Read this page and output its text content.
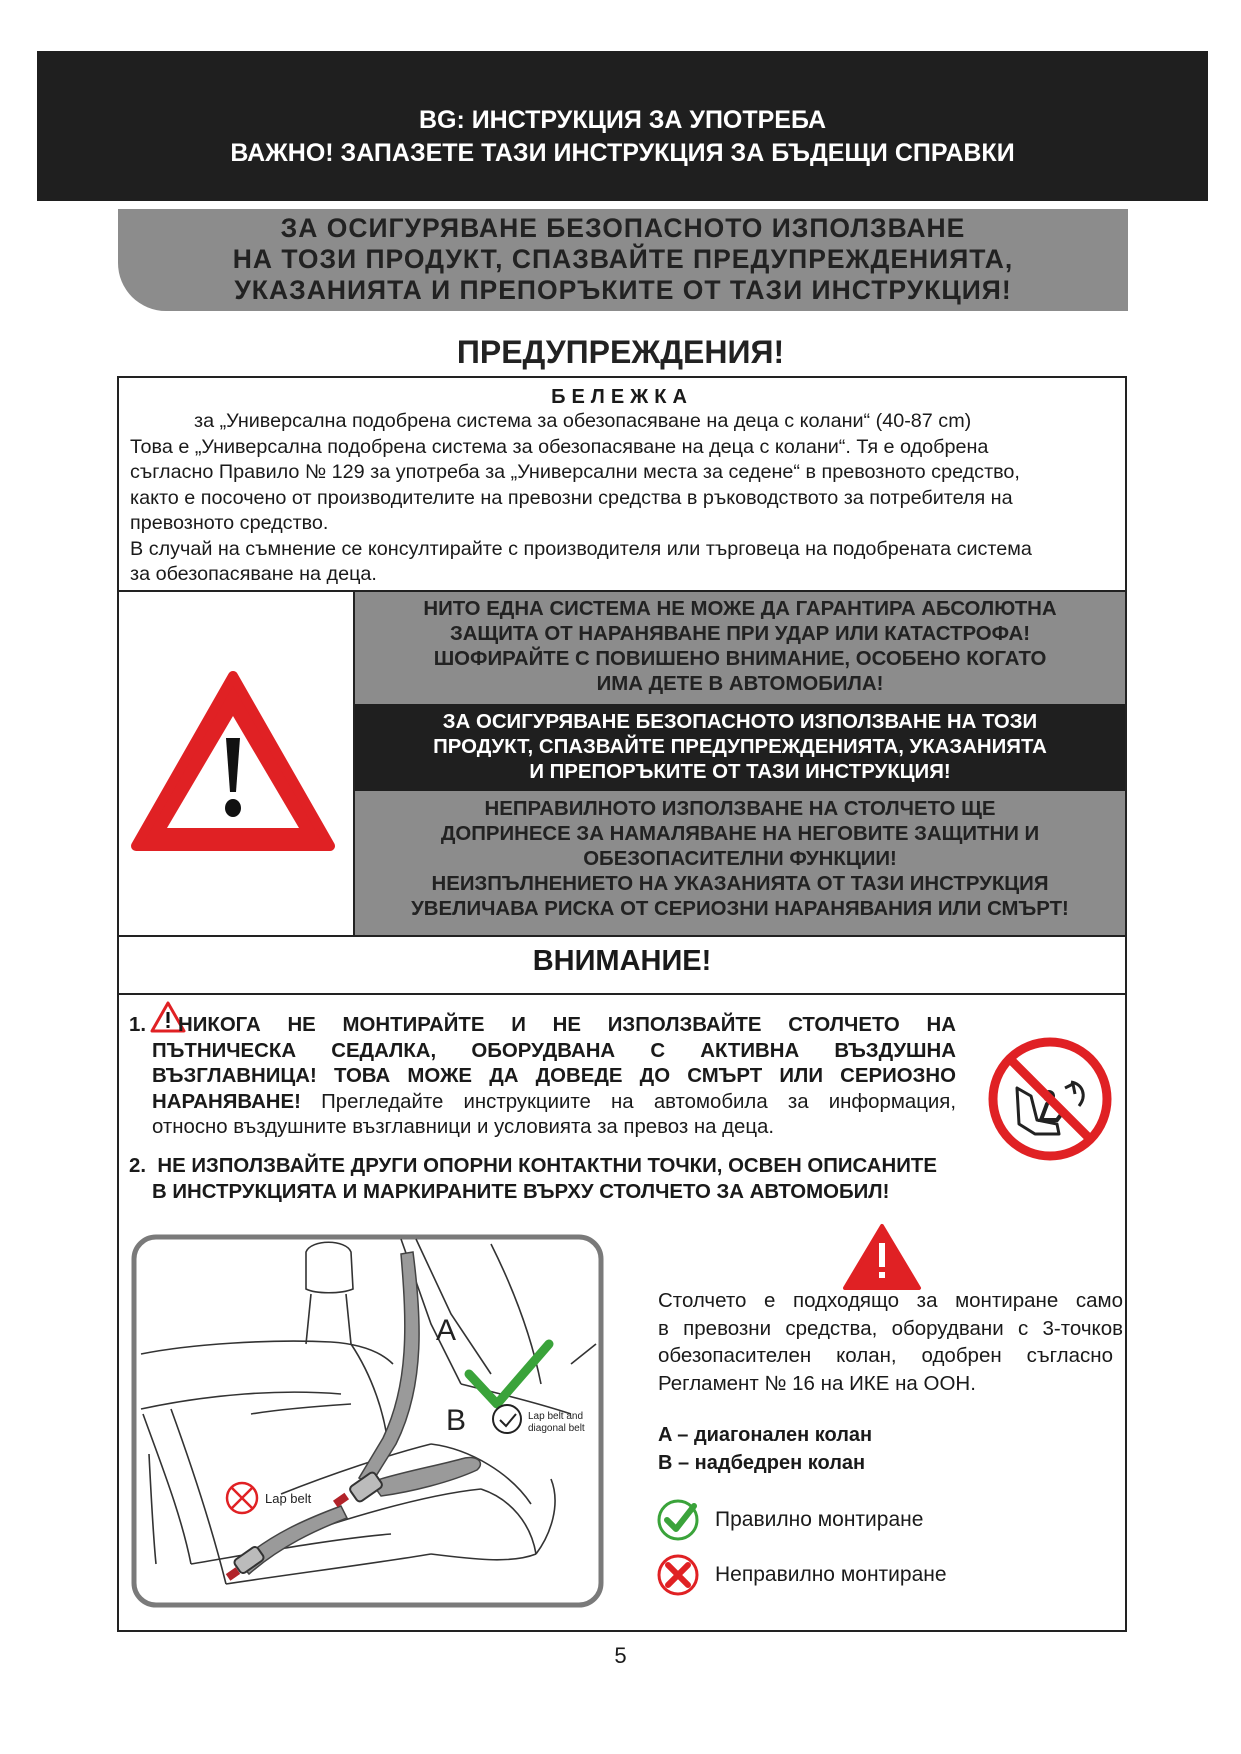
BG: ИНСТРУКЦИЯ ЗА УПОТРЕБА
ВАЖНО! ЗАПАЗЕТЕ ТАЗИ ИНСТРУКЦИЯ ЗА БЪДЕЩИ СПРАВКИ
ЗА ОСИГУРЯВАНЕ БЕЗОПАСНОТО ИЗПОЛЗВАНЕ
НА ТОЗИ ПРОДУКТ, СПАЗВАЙТЕ ПРЕДУПРЕЖДЕНИЯТА,
УКАЗАНИЯТА И ПРЕПОРЪКИТЕ ОТ ТАЗИ ИНСТРУКЦИЯ!
ПРЕДУПРЕЖДЕНИЯ!
БЕЛЕЖКА
за „Универсална подобрена система за обезопасяване на деца с колани“ (40-87 cm)
Това е „Универсална подобрена система за обезопасяване на деца с колани“. Тя е одобрена
съгласно Правило № 129 за употреба за „Универсални места за седене“ в превозното средство,
както е посочено от производителите на превозни средства в ръководството за потребителя на
превозното средство.
В случай на съмнение се консултирайте с производителя или търговеца на подобрената система
за обезопасяване на деца.
НИТО ЕДНА СИСТЕМА НЕ МОЖЕ ДА ГАРАНТИРА АБСОЛЮТНА
ЗАЩИТА ОТ НАРАНЯВАНЕ ПРИ УДАР ИЛИ КАТАСТРОФА!
ШОФИРАЙТЕ С ПОВИШЕНО ВНИМАНИЕ, ОСОБЕНО КОГАТО
ИМА ДЕТЕ В АВТОМОБИЛА!
ЗА ОСИГУРЯВАНЕ БЕЗОПАСНОТО ИЗПОЛЗВАНЕ НА ТОЗИ
ПРОДУКТ, СПАЗВАЙТЕ ПРЕДУПРЕЖДЕНИЯТА, УКАЗАНИЯТА
И ПРЕПОРЪКИТЕ ОТ ТАЗИ ИНСТРУКЦИЯ!
НЕПРАВИЛНОТО ИЗПОЛЗВАНЕ НА СТОЛЧЕТО ЩЕ
ДОПРИНЕСЕ ЗА НАМАЛЯВАНЕ НА НЕГОВИТЕ ЗАЩИТНИ И
ОБЕЗОПАСИТЕЛНИ ФУНКЦИИ!
НЕИЗПЪЛНЕНИЕТО НА УКАЗАНИЯТА ОТ ТАЗИ ИНСТРУКЦИЯ
УВЕЛИЧАВА РИСКА ОТ СЕРИОЗНИ НАРАНЯВАНИЯ ИЛИ СМЪРТ!
ВНИМАНИЕ!
1.	НИКОГА НЕ МОНТИРАЙТЕ И НЕ ИЗПОЛЗВАЙТЕ СТОЛЧЕТО НА
ПЪТНИЧЕСКА СЕДАЛКА, ОБОРУДВАНА С АКТИВНА ВЪЗДУШНА
ВЪЗГЛАВНИЦА! ТОВА МОЖЕ ДА ДОВЕДЕ ДО СМЪРТ ИЛИ СЕРИОЗНО
НАРАНЯВАНЕ! Прегледайте инструкциите на автомобила за информация,
относно въздушните възглавници и условията за превоз на деца.
2. НЕ ИЗПОЛЗВАЙТЕ ДРУГИ ОПОРНИ КОНТАКТНИ ТОЧКИ, ОСВЕН ОПИСАНИТЕ
В ИНСТРУКЦИЯТА И МАРКИРАНИТЕ ВЪРХУ СТОЛЧЕТО ЗА АВТОМОБИЛ!
A
B	Lap belt and
diagonal belt
Lap belt
Столчето е подходящо за монтиране само
в превозни средства, оборудвани с 3-точков
обезопасителен колан, одобрен съгласно
Регламент № 16 на ИКЕ на ООН.
A – диагонален колан
B – надбедрен колан
Правилно монтиране
Неправилно монтиране
5
